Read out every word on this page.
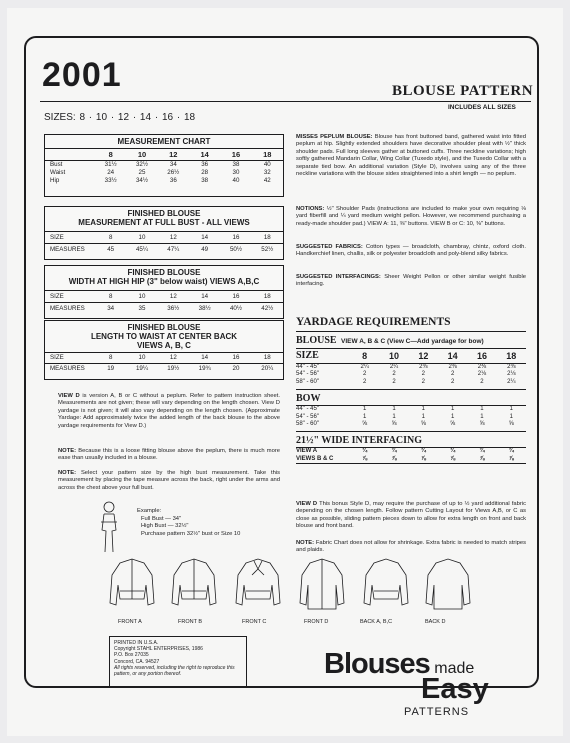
2001	BLOUSE PATTERN
INCLUDES ALL SIZES
SIZES: 8 · 10 · 12 · 14 · 16 · 18
MEASUREMENT CHART
8	10	12	14	16	18
Bust	31½	32½	34	36	38	40
Waist	24	25	26½	28	30	32
Hip	33½	34½	36	38	40	42
FINISHED BLOUSE
MEASUREMENT AT FULL BUST - ALL VIEWS
SIZE	8	10	12	14	16	18
MEASURES	45	45¼	47¼	49	50½	52½
FINISHED BLOUSE
WIDTH AT HIGH HIP (3" below waist) VIEWS A,B,C
SIZE	8	10	12	14	16	18
MEASURES	34	35	36½	38½	40½	42½
FINISHED BLOUSE
LENGTH TO WAIST AT CENTER BACK
VIEWS A, B, C
SIZE	8	10	12	14	16	18
MEASURES	19	19¼	19½	19¾	20	20¼
VIEW D is version A, B or C without a peplum. Refer to pattern instruction sheet. Measurements are not given; these will vary depending on the length chosen. View D yardage is not given; it will also vary depending on the length chosen. (Approximate Yardage: Add approximately twice the added length of the back blouse to the above yardage requirements for View D.)
NOTE: Because this is a loose fitting blouse above the peplum, there is much more ease than usually included in a blouse.
NOTE: Select your pattern size by the high bust measurement. Take this measurement by placing the tape measure across the back, right under the arms and across the chest above your full bust.
Example:
Full Bust — 34"
High Bust — 32½"
Purchase pattern 32½" bust or Size 10
FRONT A	FRONT B	FRONT C	FRONT D	BACK A, B,C	BACK D
PRINTED IN U.S.A.
Copyright STAHL ENTERPRISES, 1986
P.O. Box 27035
Concord, CA. 94527
All rights reserved, including the right to reproduce this pattern, or any portion thereof.
MISSES PEPLUM BLOUSE: Blouse has front buttoned band, gathered waist into fitted peplum at hip. Slightly extended shoulders have decorative shoulder pleat with ½" thick shoulder pads. Full long sleeves gather at buttoned cuffs. Three neckline variations; high softly gathered Mandarin Collar, Wing Collar (Tuxedo style), and the Tuxedo Collar with a separate tied bow. An additional variation (Style D), involves using any of the three neckline variations with the blouse sides straightened into a shirt length — no peplum.
NOTIONS: ½" Shoulder Pads (instructions are included to make your own requiring ⅛ yard fiberfill and ¼ yard medium weight pellon. However, we recommend purchasing a ready-made shoulder pad.) VIEW A: 11, ⅜" buttons. VIEW B or C: 10, ⅜" buttons.
SUGGESTED FABRICS: Cotton types — broadcloth, chambray, chintz, oxford cloth. Handkerchief linen, challis, silk or polyester broadcloth and poly-blend silky fabrics.
SUGGESTED INTERFACINGS: Sheer Weight Pellon or other similar weight fusible interfacing.
YARDAGE REQUIREMENTS
BLOUSE VIEW A, B & C (View C—Add yardage for bow)
SIZE	8	10	12	14	16	18
44" - 45"	2¼	2¼	2⅜	2⅜	2⅜	2⅜
54" - 56"	2	2	2	2	2⅛	2⅛
58" - 60"	2	2	2	2	2	2¼
BOW
44" - 45"	1	1	1	1	1	1
54" - 56"	1	1	1	1	1	1
58" - 60"	⅝	⅝	⅝	⅝	⅝	⅝
21½" WIDE INTERFACING
VIEW A	¾	¾	¾	¾	¾	¾
VIEWS B & C	⅞	⅞	⅞	⅞	⅞	⅞
VIEW D This bonus Style D, may require the purchase of up to ½ yard additional fabric depending on the chosen length. Follow pattern Cutting Layout for Views A,B, or C as close as possible, sliding pattern pieces down to allow for extra length on front and back blouse and front band.
NOTE: Fabric Chart does not allow for shrinkage. Extra fabric is needed to match stripes and plaids.
Blouses made
Easy
PATTERNS
